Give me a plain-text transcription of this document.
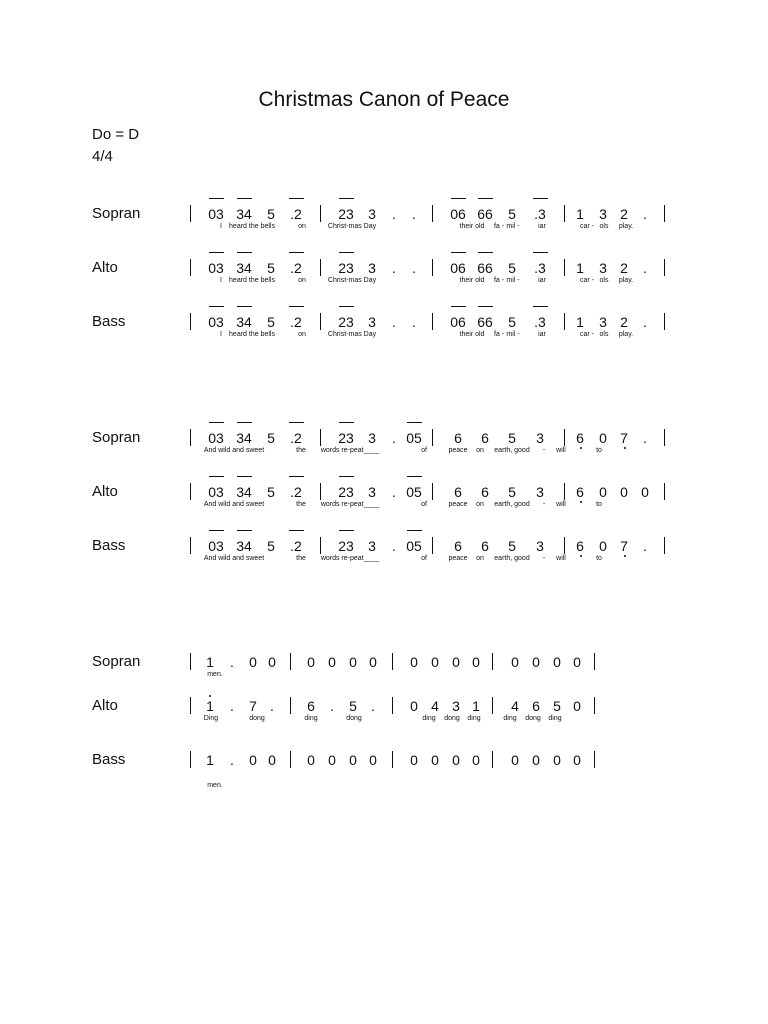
Christmas Canon of Peace
Do = D
4/4
Sopran	03 34 5 .2	23 3 . . 06 66 5 .3 1 3 2 .
I heard the bells	on	Christ-mas Day	their old fa - mil -	iar	car - ols play.
Alto	03 34 5 .2	23 3 . . 06 66 5 .3 1 3 2 .
I heard the bells	on	Christ-mas Day	their old fa - mil -	iar	car - ols play.
Bass	03 34 5 .2	23 3 . . 06 66 5 .3 1 3 2 .
I heard the bells	on	Christ-mas Day	their old fa - mil -	iar	car - ols play.
Sopran	03 34 5 .2	23 3 . 05 6 6 5 3 6 0 7 .
And wild and sweet	the words re-peat____	of	peace on earth, good - will	to
Alto	03 34 5 .2	23 3 . 05 6 6 5 3 6 0 0 0
And wild and sweet	the words re-peat____	of	peace on earth, good - will	to
Bass	03 34 5 .2	23 3 . 05 6 6 5 3 6 0 7 .
And wild and sweet	the words re-peat____	of	peace on earth, good - will	to
Sopran	1 . 0 0 0 0 0 0 0 0 0 0 0 0 0 0
men.
Alto	1 . 7 . 6 . 5 .	0 4 3 1 4 6 5 0
Ding	dong	ding	dong	ding dong ding	ding dong ding
Bass	1 . 0 0 0 0 0 0 0 0 0 0 0 0 0 0
men.
